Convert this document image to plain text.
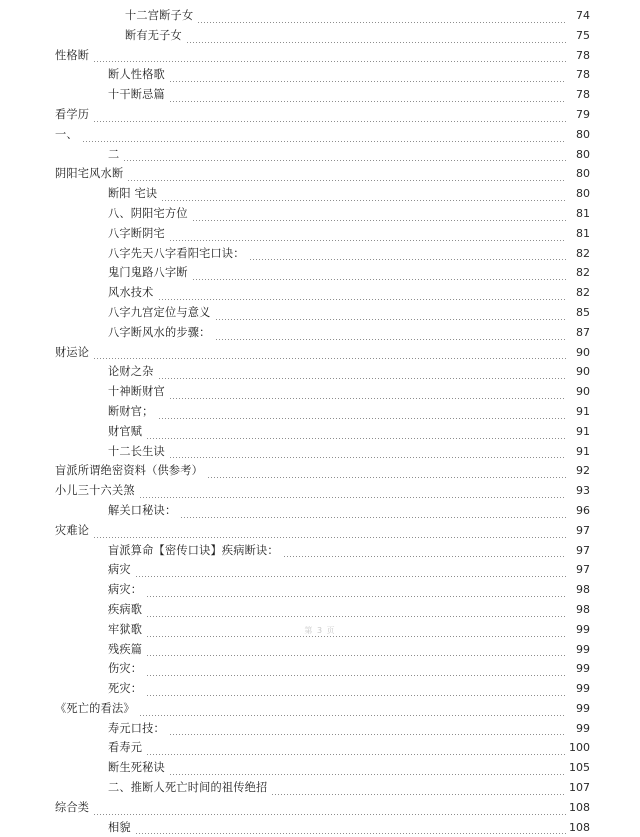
十二宫断子女	74
断有无子女	75
性格断	78
断人性格歌	78
十干断忌篇	78
看学历	79
一、	80
二	80
阴阳宅风水断	80
断阳 宅诀	80
八、阴阳宅方位	81
八字断阴宅	81
八字先天八字看阳宅口诀：	82
鬼门鬼路八字断	82
风水技术	82
八字九宫定位与意义	85
八字断风水的步骤：	87
财运论	90
论财之杂	90
十神断财官	90
断财官；	91
财官赋	91
十二长生诀	91
盲派所谓绝密资料（供参考）	92
小儿三十六关煞	93
解关口秘诀：	96
灾难论	97
盲派算命【密传口诀】疾病断诀：	97
病灾	97
病灾：	98
疾病歌	98
牢狱歌	99
残疾篇	99
伤灾：	99
死灾：	99
《死亡的看法》	99
寿元口技：	99
看寿元	100
断生死秘诀	105
二、推断人死亡时间的祖传绝招	107
综合类	108
相貌	108
第 3 页
